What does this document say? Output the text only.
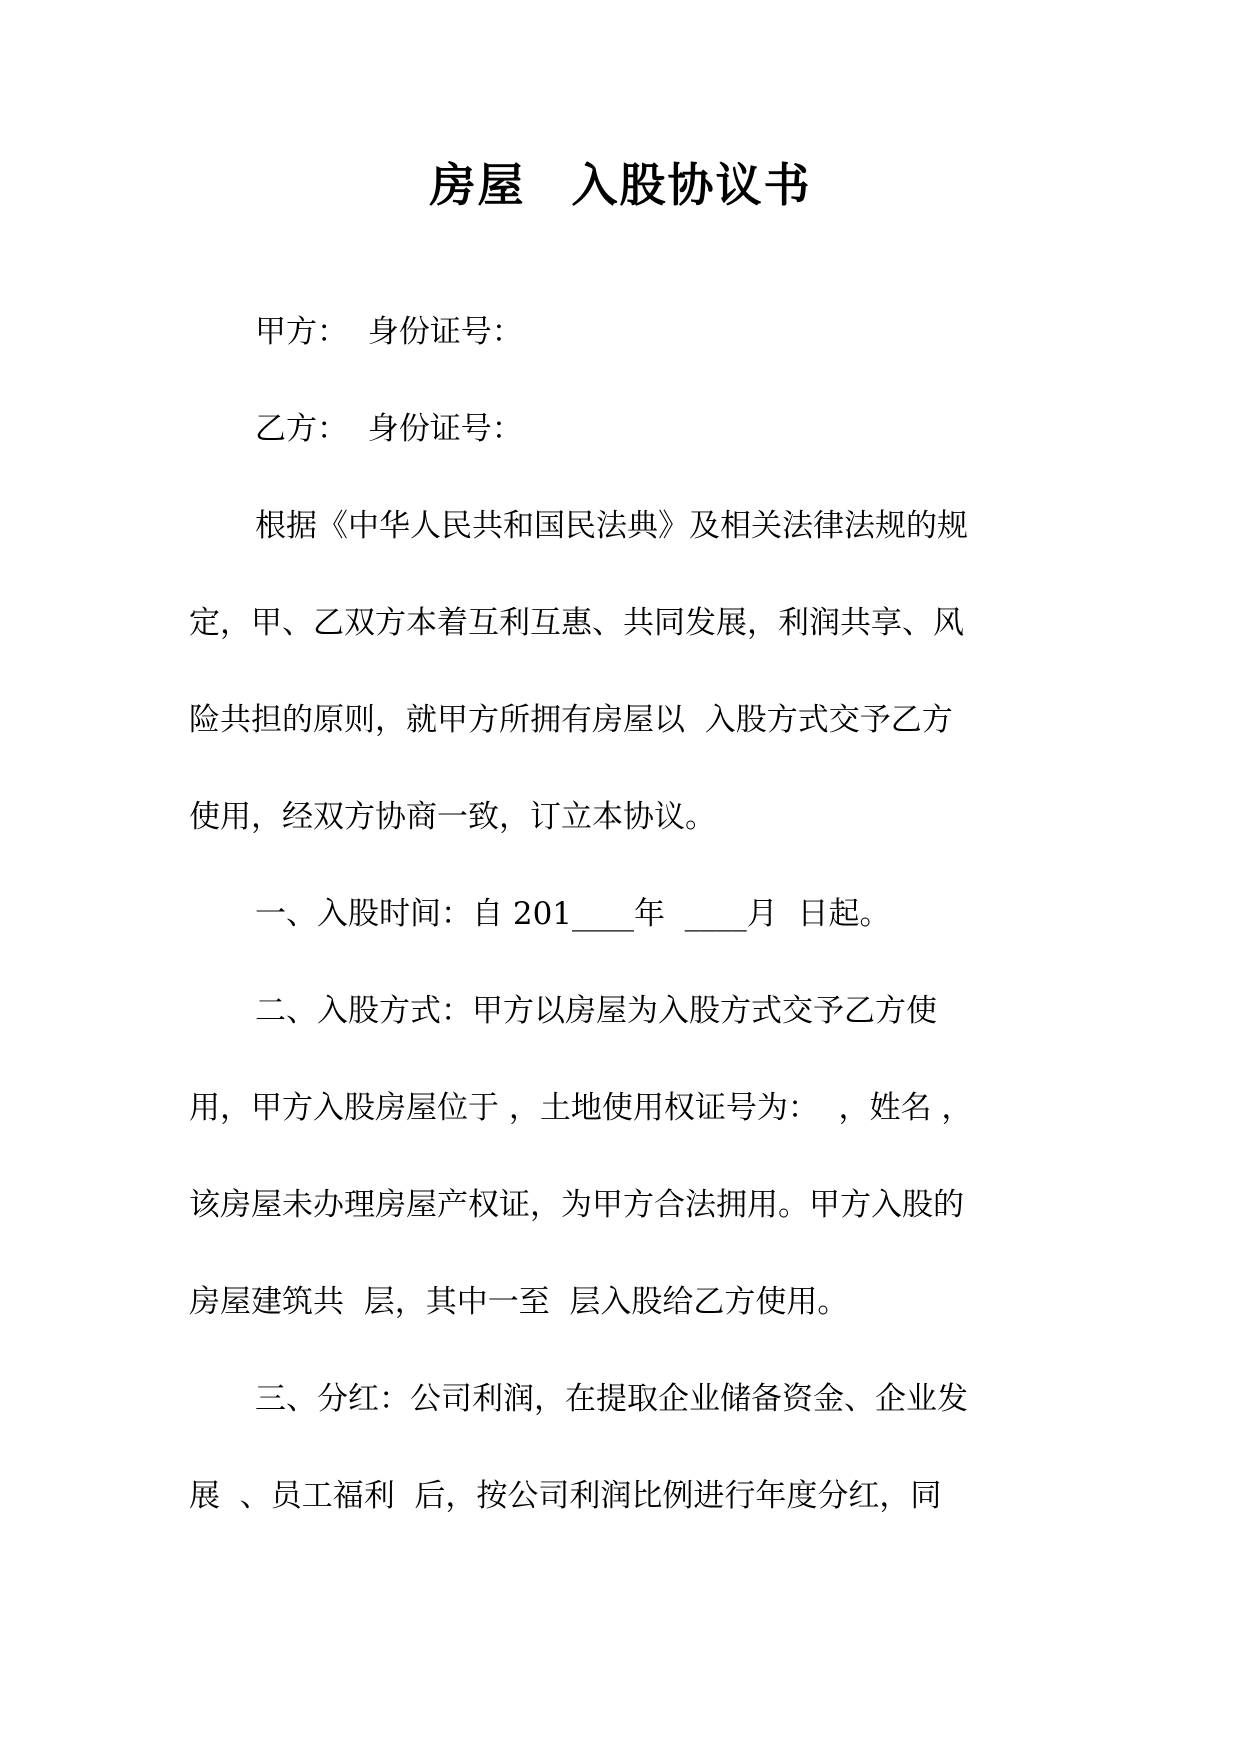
房屋 入股协议书

甲方：  身份证号：

乙方：  身份证号：

根据《中华人民共和国民法典》及相关法律法规的规

定，甲、乙双方本着互利互惠、共同发展，利润共享、风

险共担的原则，就甲方所拥有房屋以  入股方式交予乙方

使用，经双方协商一致，订立本协议。

一、入股时间：自 201____年  ____月  日起。

二、入股方式：甲方以房屋为入股方式交予乙方使

用，甲方入股房屋位于 ，土地使用权证号为：  ，姓名 ，

该房屋未办理房屋产权证，为甲方合法拥用。甲方入股的

房屋建筑共  层，其中一至  层入股给乙方使用。

三、分红：公司利润，在提取企业储备资金、企业发

展  、员工福利  后，按公司利润比例进行年度分红，同
